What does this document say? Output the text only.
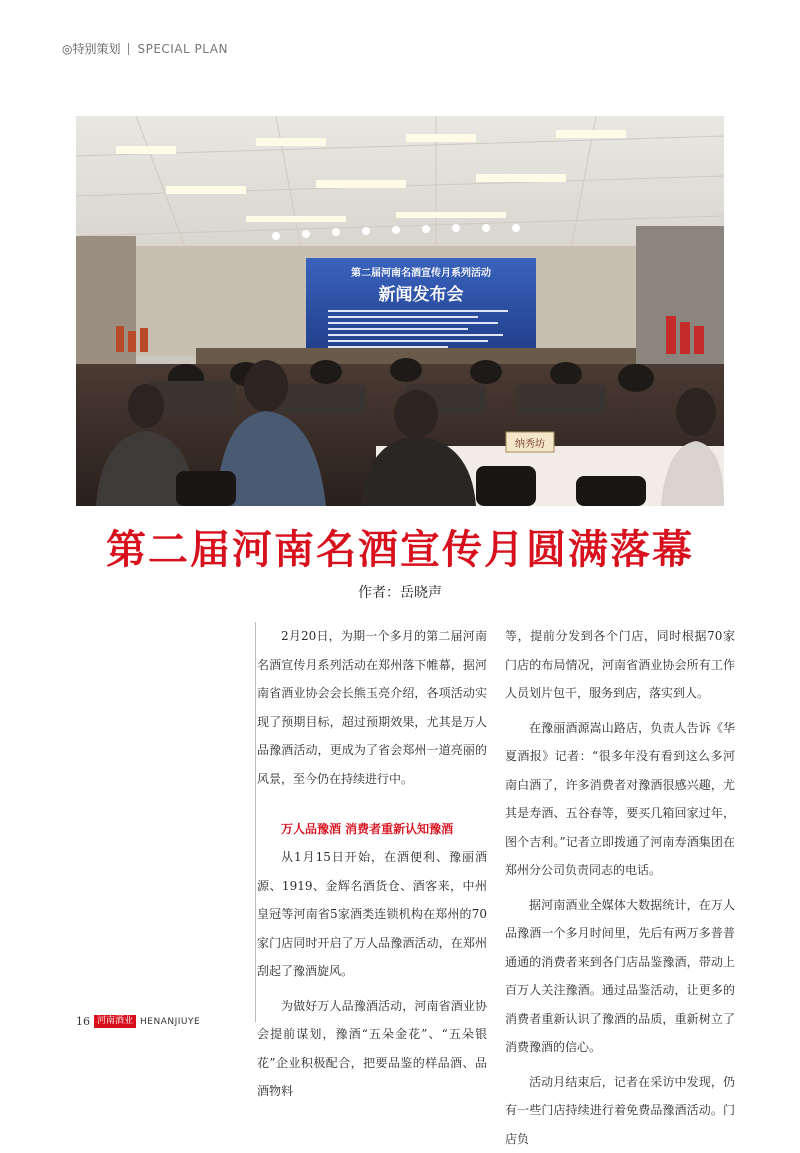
◎特别策划 SPECIAL PLAN
第二届河南名酒宣传月系列活动
新闻发布会
纳秀坊
第二届河南名酒宣传月圆满落幕
作者：岳晓声

2月20日，为期一个多月的第二届河南名酒宣传月系列活动在郑州落下帷幕，据河南省酒业协会会长熊玉亮介绍，各项活动实现了预期目标，超过预期效果，尤其是万人品豫酒活动，更成为了省会郑州一道亮丽的风景，至今仍在持续进行中。

万人品豫酒 消费者重新认知豫酒

从1月15日开始，在酒便利、豫丽酒源、1919、金辉名酒货仓、酒客来，中州皇冠等河南省5家酒类连锁机构在郑州的70家门店同时开启了万人品豫酒活动，在郑州刮起了豫酒旋风。

为做好万人品豫酒活动，河南省酒业协会提前谋划，豫酒“五朵金花”、“五朵银花”企业积极配合，把要品鉴的样品酒、品酒物料

等，提前分发到各个门店，同时根据70家门店的布局情况，河南省酒业协会所有工作人员划片包干，服务到店，落实到人。

在豫丽酒源嵩山路店，负责人告诉《华夏酒报》记者：“很多年没有看到这么多河南白酒了，许多消费者对豫酒很感兴趣，尤其是寿酒、五谷春等，要买几箱回家过年，图个吉利。”记者立即拨通了河南寿酒集团在郑州分公司负责同志的电话。

据河南酒业全媒体大数据统计，在万人品豫酒一个多月时间里，先后有两万多普普通通的消费者来到各门店品鉴豫酒，带动上百万人关注豫酒。通过品鉴活动，让更多的消费者重新认识了豫酒的品质，重新树立了消费豫酒的信心。

活动月结束后，记者在采访中发现，仍有一些门店持续进行着免费品豫酒活动。门店负

16 河南酒业 HENANJIUYE
